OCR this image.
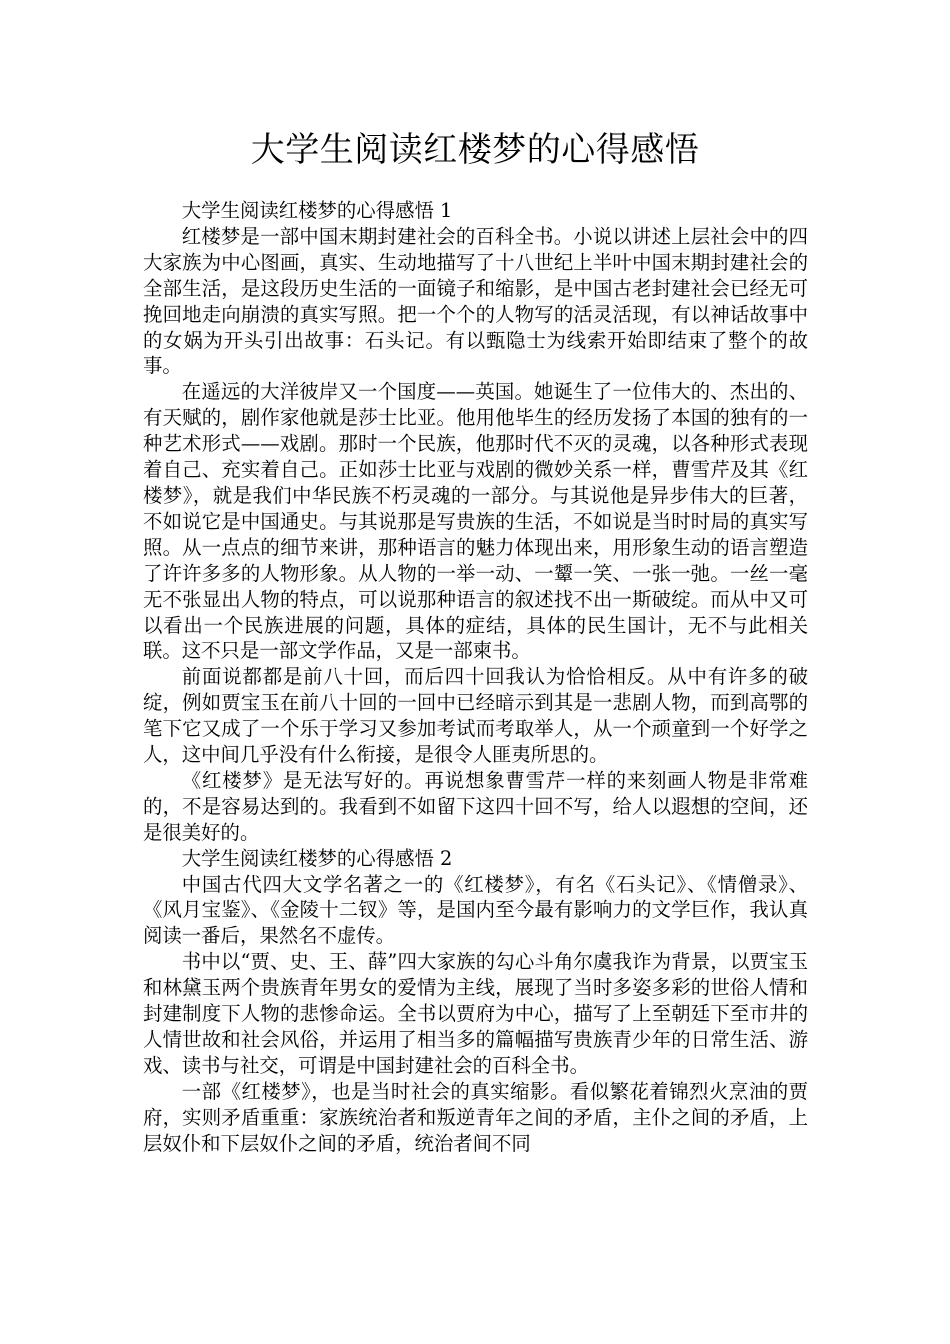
大学生阅读红楼梦的心得感悟

大学生阅读红楼梦的心得感悟 1

红楼梦是一部中国末期封建社会的百科全书。小说以讲述上层社会中的四大家族为中心图画，真实、生动地描写了十八世纪上半叶中国末期封建社会的全部生活，是这段历史生活的一面镜子和缩影，是中国古老封建社会已经无可挽回地走向崩溃的真实写照。把一个个的人物写的活灵活现，有以神话故事中的女娲为开头引出故事：石头记。有以甄隐士为线索开始即结束了整个的故事。

在遥远的大洋彼岸又一个国度——英国。她诞生了一位伟大的、杰出的、有天赋的，剧作家他就是莎士比亚。他用他毕生的经历发扬了本国的独有的一种艺术形式——戏剧。那时一个民族，他那时代不灭的灵魂，以各种形式表现着自己、充实着自己。正如莎士比亚与戏剧的微妙关系一样，曹雪芹及其《红楼梦》，就是我们中华民族不朽灵魂的一部分。与其说他是异步伟大的巨著，不如说它是中国通史。与其说那是写贵族的生活，不如说是当时时局的真实写照。从一点点的细节来讲，那种语言的魅力体现出来，用形象生动的语言塑造了许许多多的人物形象。从人物的一举一动、一颦一笑、一张一弛。一丝一毫无不张显出人物的特点，可以说那种语言的叙述找不出一斯破绽。而从中又可以看出一个民族进展的问题，具体的症结，具体的民生国计，无不与此相关联。这不只是一部文学作品，又是一部柬书。

前面说都都是前八十回，而后四十回我认为恰恰相反。从中有许多的破绽，例如贾宝玉在前八十回的一回中已经暗示到其是一悲剧人物，而到高鄂的笔下它又成了一个乐于学习又参加考试而考取举人，从一个顽童到一个好学之人，这中间几乎没有什么衔接，是很令人匪夷所思的。

《红楼梦》是无法写好的。再说想象曹雪芹一样的来刻画人物是非常难的，不是容易达到的。我看到不如留下这四十回不写，给人以遐想的空间，还是很美好的。

大学生阅读红楼梦的心得感悟 2

中国古代四大文学名著之一的《红楼梦》，有名《石头记》、《情僧录》、《风月宝鉴》、《金陵十二钗》等，是国内至今最有影响力的文学巨作，我认真阅读一番后，果然名不虚传。

书中以“贾、史、王、薛”四大家族的勾心斗角尔虞我诈为背景，以贾宝玉和林黛玉两个贵族青年男女的爱情为主线，展现了当时多姿多彩的世俗人情和封建制度下人物的悲惨命运。全书以贾府为中心，描写了上至朝廷下至市井的人情世故和社会风俗，并运用了相当多的篇幅描写贵族青少年的日常生活、游戏、读书与社交，可谓是中国封建社会的百科全书。

一部《红楼梦》，也是当时社会的真实缩影。看似繁花着锦烈火烹油的贾府，实则矛盾重重：家族统治者和叛逆青年之间的矛盾，主仆之间的矛盾，上层奴仆和下层奴仆之间的矛盾，统治者间不同
